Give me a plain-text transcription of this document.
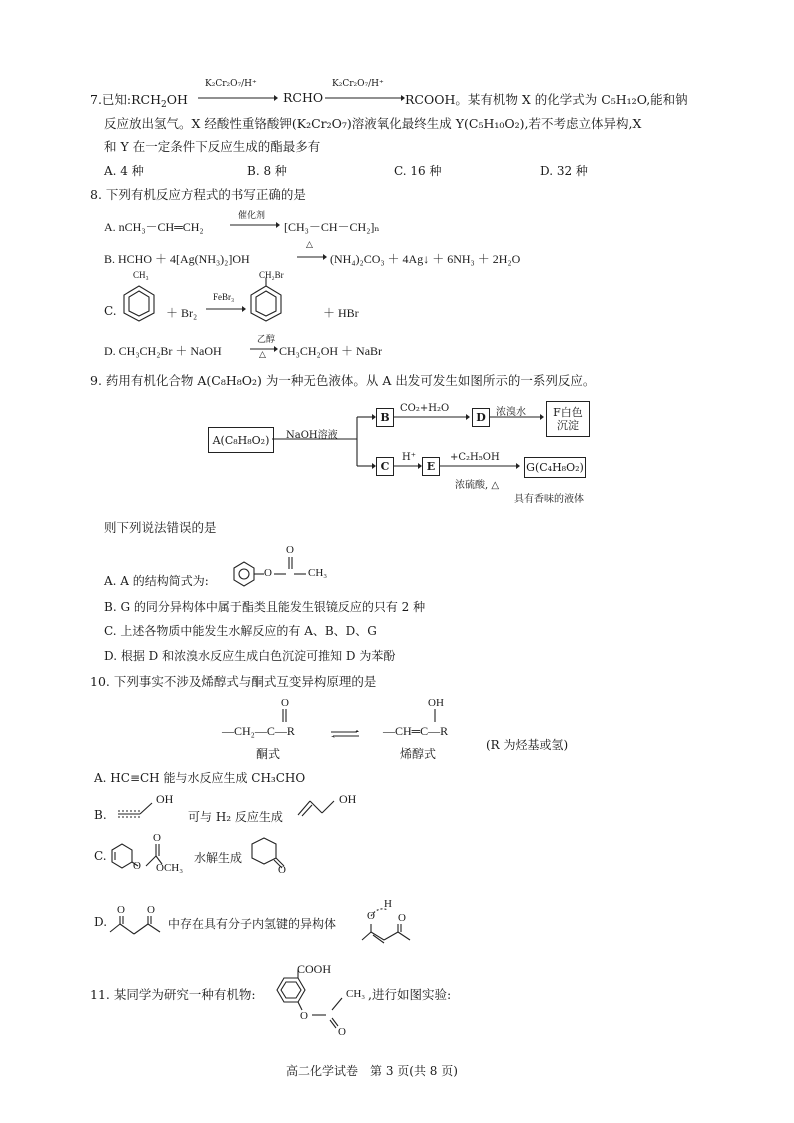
7.已知$:RCH_2OH$
K₂Cr₂O₇/H⁺
RCHO
K₂Cr₂O₇/H⁺
RCOOH。某有机物 X 的化学式为 C₅H₁₂O,能和钠
反应放出氢气。X 经酸性重铬酸钾(K₂Cr₂O₇)溶液氧化最终生成 Y(C₅H₁₀O₂),若不考虑立体异构,X
和 Y 在一定条件下反应生成的酯最多有
A. 4 种	B. 8 种	C. 16 种	D. 32 种
8. 下列有机反应方程式的书写正确的是
A. nCH₃－CH═CH₂
催化剂
[CH₃－CH－CH₂]ₙ
B. HCHO ＋ 4[Ag(NH₃)₂]OH
△
(NH₄)₂CO₃ ＋ 4Ag↓ ＋ 6NH₃ ＋ 2H₂O
C.
CH₃
＋ Br₂
FeBr₃
CH₂Br
＋ HBr
D. CH₃CH₂Br ＋ NaOH
乙醇
△ CH₃CH₂OH ＋ NaBr
9. 药用有机化合物 A(C₈H₈O₂) 为一种无色液体。从 A 出发可发生如图所示的一系列反应。
A(C₈H₈O₂)	NaOH溶液
B
CO₂+H₂O
D	浓溴水 F白色沉淀
C
H⁺
E
+C₂H₅OH
浓硫酸, △
G(C₄H₈O₂)
具有香味的液体
则下列说法错误的是
A. A 的结构简式为:
O
O
CH₃
B. G 的同分异构体中属于酯类且能发生银镜反应的只有 2 种
C. 上述各物质中能发生水解反应的有 A、B、D、G
D. 根据 D 和浓溴水反应生成白色沉淀可推知 D 为苯酚
10. 下列事实不涉及烯醇式与酮式互变异构原理的是
O
—CH₂—C—R
OH
—CH═C—R
酮式	烯醇式
(R 为烃基或氢)
A. HC≡CH 能与水反应生成 CH₃CHO
B.
OH
可与 H₂ 反应生成
OH
C.
O
O
OCH₃
水解生成
O
D.
O O
中存在具有分子内氢键的异构体
H
O O
11. 某同学为研究一种有机物:
COOH
CH₃
O
O
,进行如图实验:
高二化学试卷　第 3 页(共 8 页)
